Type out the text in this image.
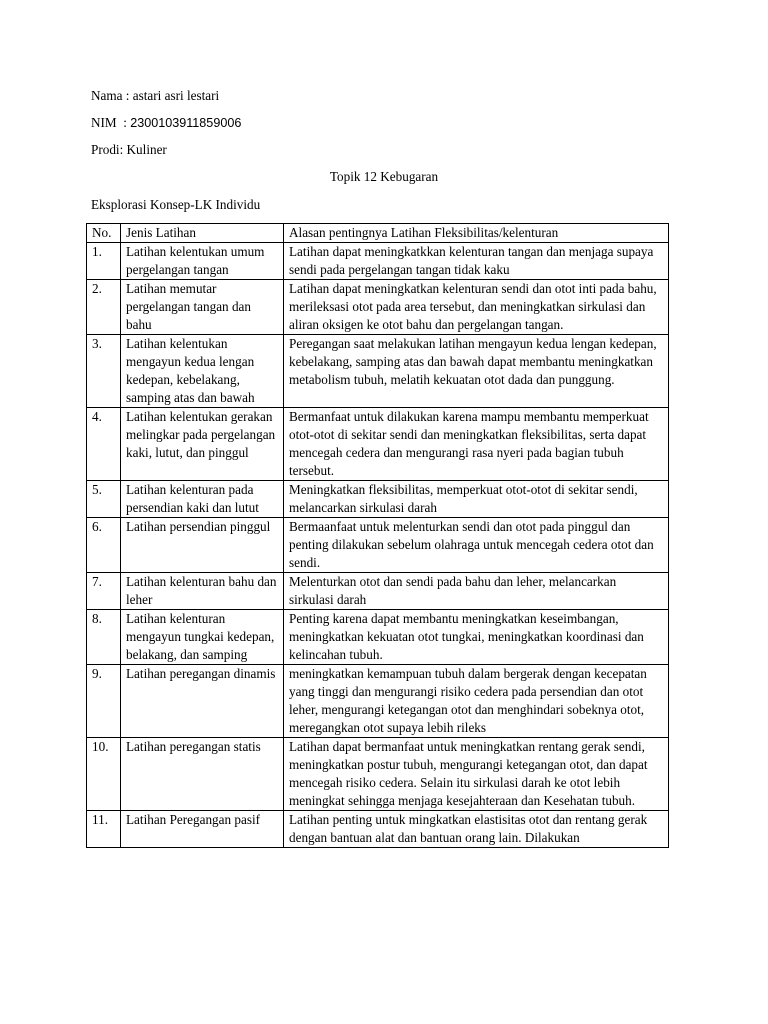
Nama : astari asri lestari
NIM  : 2300103911859006
Prodi: Kuliner
Topik 12 Kebugaran
Eksplorasi Konsep-LK Individu
No.	Jenis Latihan	Alasan pentingnya Latihan Fleksibilitas/kelenturan
1.	Latihan kelentukan umum pergelangan tangan	Latihan dapat meningkatkkan kelenturan tangan dan menjaga supaya sendi pada pergelangan tangan tidak kaku
2.	Latihan memutar pergelangan tangan dan bahu	Latihan dapat meningkatkan kelenturan sendi dan otot inti pada bahu, merileksasi otot pada area tersebut, dan meningkatkan sirkulasi dan aliran oksigen ke otot bahu dan pergelangan tangan.
3.	Latihan kelentukan mengayun kedua lengan kedepan, kebelakang, samping atas dan bawah	Peregangan saat melakukan latihan mengayun kedua lengan kedepan, kebelakang, samping atas dan bawah dapat membantu meningkatkan metabolism tubuh, melatih kekuatan otot dada dan punggung.
4.	Latihan kelentukan gerakan melingkar pada pergelangan kaki, lutut, dan pinggul	Bermanfaat untuk dilakukan karena mampu membantu memperkuat otot-otot di sekitar sendi dan meningkatkan fleksibilitas, serta dapat mencegah cedera dan mengurangi rasa nyeri pada bagian tubuh tersebut.
5.	Latihan kelenturan pada persendian kaki dan lutut	Meningkatkan fleksibilitas, memperkuat otot-otot di sekitar sendi, melancarkan sirkulasi darah
6.	Latihan persendian pinggul	Bermaanfaat untuk melenturkan sendi dan otot pada pinggul dan penting dilakukan sebelum olahraga untuk mencegah cedera otot dan sendi.
7.	Latihan kelenturan bahu dan leher	Melenturkan otot dan sendi pada bahu dan leher, melancarkan sirkulasi darah
8.	Latihan kelenturan mengayun tungkai kedepan, belakang, dan samping	Penting karena dapat membantu meningkatkan keseimbangan, meningkatkan kekuatan otot tungkai, meningkatkan koordinasi dan kelincahan tubuh.
9.	Latihan peregangan dinamis	meningkatkan kemampuan tubuh dalam bergerak dengan kecepatan yang tinggi dan mengurangi risiko cedera pada persendian dan otot leher, mengurangi ketegangan otot dan menghindari sobeknya otot, meregangkan otot supaya lebih rileks
10.	Latihan peregangan statis	Latihan dapat bermanfaat untuk meningkatkan rentang gerak sendi, meningkatkan postur tubuh, mengurangi ketegangan otot, dan dapat mencegah risiko cedera. Selain itu sirkulasi darah ke otot lebih meningkat sehingga menjaga kesejahteraan dan Kesehatan tubuh.
11.	Latihan Peregangan pasif	Latihan penting untuk mingkatkan elastisitas otot dan rentang gerak dengan bantuan alat dan bantuan orang lain. Dilakukan
